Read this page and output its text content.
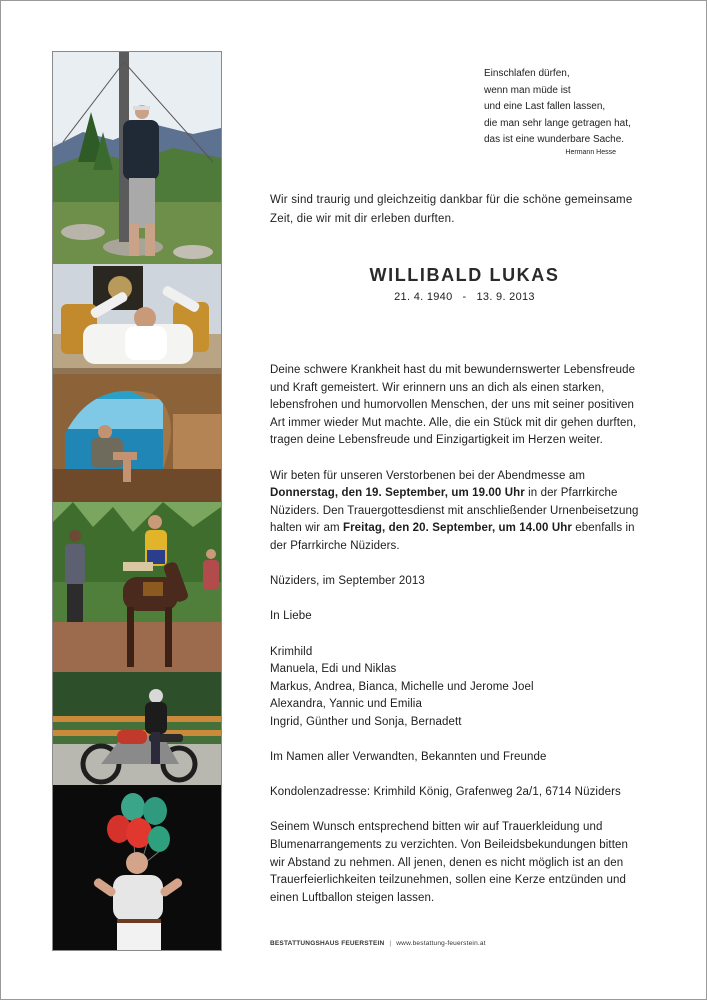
Einschlafen dürfen,
wenn man müde ist
und eine Last fallen lassen,
die man sehr lange getragen hat,
das ist eine wunderbare Sache.
Hermann Hesse
Wir sind traurig und gleichzeitig dankbar für die schöne gemeinsame
Zeit, die wir mit dir erleben durften.
WILLIBALD LUKAS
21. 4. 1940 - 13. 9. 2013

Deine schwere Krankheit hast du mit bewundernswerter Lebensfreude

und Kraft gemeistert. Wir erinnern uns an dich als einen starken,

lebensfrohen und humorvollen Menschen, der uns mit seiner positiven

Art immer wieder Mut machte. Alle, die ein Stück mit dir gehen durften,

tragen deine Lebensfreude und Einzigartigkeit im Herzen weiter.

Wir beten für unseren Verstorbenen bei der Abendmesse am

Donnerstag, den 19. September, um 19.00 Uhr in der Pfarrkirche

Nüziders. Den Trauergottesdienst mit anschließender Urnenbeisetzung

halten wir am Freitag, den 20. September, um 14.00 Uhr ebenfalls in

der Pfarrkirche Nüziders.

Nüziders, im September 2013

In Liebe

Krimhild

Manuela, Edi und Niklas

Markus, Andrea, Bianca, Michelle und Jerome Joel

Alexandra, Yannic und Emilia

Ingrid, Günther und Sonja, Bernadett

Im Namen aller Verwandten, Bekannten und Freunde

Kondolenzadresse: Krimhild König, Grafenweg 2a/1, 6714 Nüziders

Seinem Wunsch entsprechend bitten wir auf Trauerkleidung und

Blumenarrangements zu verzichten. Von Beileidsbekundungen bitten

wir Abstand zu nehmen. All jenen, denen es nicht möglich ist an den

Trauerfeierlichkeiten teilzunehmen, sollen eine Kerze entzünden und

einen Luftballon steigen lassen.

BESTATTUNGSHAUS FEUERSTEIN | www.bestattung-feuerstein.at
